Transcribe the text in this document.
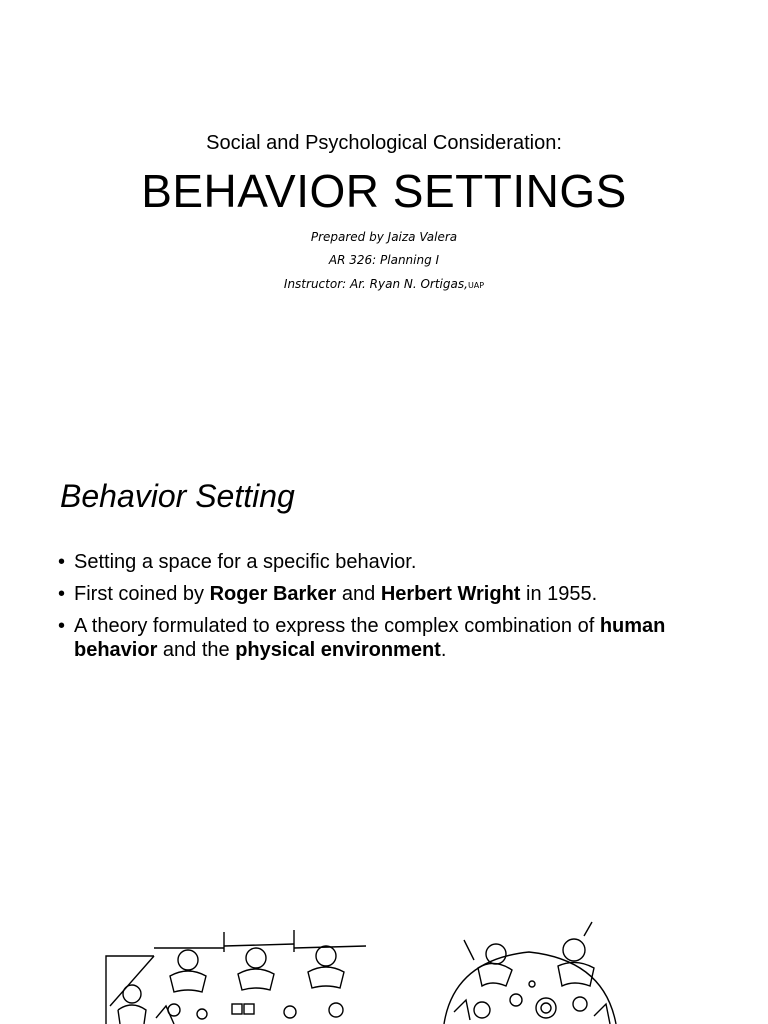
Social and Psychological Consideration:
BEHAVIOR SETTINGS
Prepared by Jaiza Valera
AR 326: Planning I
Instructor: Ar. Ryan N. Ortigas,UAP
Behavior Setting
• Setting a space for a specific behavior.
• First coined by Roger Barker and Herbert Wright in 1955.
• A theory formulated to express the complex combination of human behavior and the physical environment.
